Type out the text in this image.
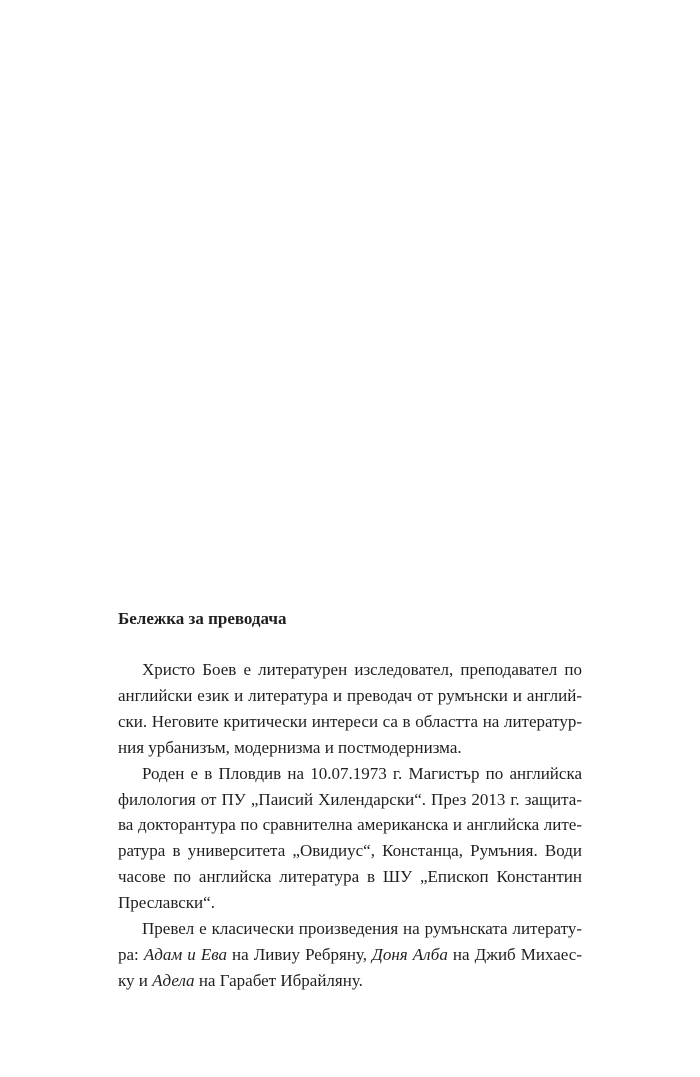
Бележка за преводача

Христо Боев е литературен изследовател, преподавател по
английски език и литература и преводач от румънски и англий-
ски. Неговите критически интереси са в областта на литератур-
ния урбанизъм, модернизма и постмодернизма.

Роден е в Пловдив на 10.07.1973 г. Магистър по английска
филология от ПУ „Паисий Хилендарски“. През 2013 г. защита-
ва докторантура по сравнителна американска и английска лите-
ратура в университета „Овидиус“, Констанца, Румъния. Води
часове по английска литература в ШУ „Епископ Константин
Преславски“.

Превел е класически произведения на румънската литерату-
ра: Адам и Ева на Ливиу Ребряну, Доня Алба на Джиб Михаес-
ку и Адела на Гарабет Ибрайляну.
